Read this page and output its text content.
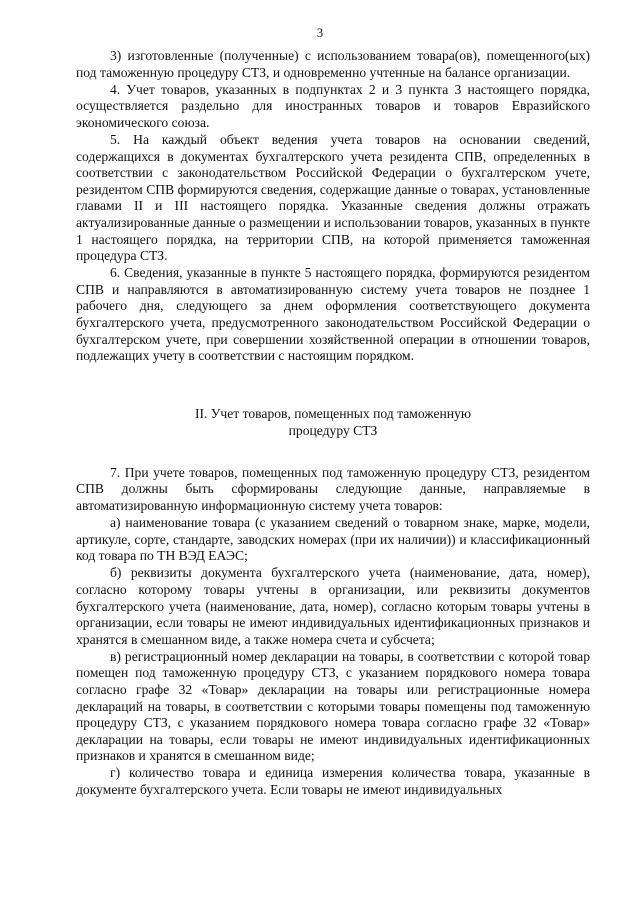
3

3) изготовленные (полученные) с использованием товара(ов), помещенного(ых) под таможенную процедуру СТЗ, и одновременно учтенные на балансе организации.

4. Учет товаров, указанных в подпунктах 2 и 3 пункта 3 настоящего порядка, осуществляется раздельно для иностранных товаров и товаров Евразийского экономического союза.

5. На каждый объект ведения учета товаров на основании сведений, содержащихся в документах бухгалтерского учета резидента СПВ, определенных в соответствии с законодательством Российской Федерации о бухгалтерском учете, резидентом СПВ формируются сведения, содержащие данные о товарах, установленные главами II и III настоящего порядка. Указанные сведения должны отражать актуализированные данные о размещении и использовании товаров, указанных в пункте 1 настоящего порядка, на территории СПВ, на которой применяется таможенная процедура СТЗ.

6. Сведения, указанные в пункте 5 настоящего порядка, формируются резидентом СПВ и направляются в автоматизированную систему учета товаров не позднее 1 рабочего дня, следующего за днем оформления соответствующего документа бухгалтерского учета, предусмотренного законодательством Российской Федерации о бухгалтерском учете, при совершении хозяйственной операции в отношении товаров, подлежащих учету в соответствии с настоящим порядком.

II. Учет товаров, помещенных под таможенную
процедуру СТЗ

7. При учете товаров, помещенных под таможенную процедуру СТЗ, резидентом СПВ должны быть сформированы следующие данные, направляемые в автоматизированную информационную систему учета товаров:

а) наименование товара (с указанием сведений о товарном знаке, марке, модели, артикуле, сорте, стандарте, заводских номерах (при их наличии)) и классификационный код товара по ТН ВЭД ЕАЭС;

б) реквизиты документа бухгалтерского учета (наименование, дата, номер), согласно которому товары учтены в организации, или реквизиты документов бухгалтерского учета (наименование, дата, номер), согласно которым товары учтены в организации, если товары не имеют индивидуальных идентификационных признаков и хранятся в смешанном виде, а также номера счета и субсчета;

в) регистрационный номер декларации на товары, в соответствии с которой товар помещен под таможенную процедуру СТЗ, с указанием порядкового номера товара согласно графе 32 «Товар» декларации на товары или регистрационные номера деклараций на товары, в соответствии с которыми товары помещены под таможенную процедуру СТЗ, с указанием порядкового номера товара согласно графе 32 «Товар» декларации на товары, если товары не имеют индивидуальных идентификационных признаков и хранятся в смешанном виде;

г) количество товара и единица измерения количества товара, указанные в документе бухгалтерского учета. Если товары не имеют индивидуальных
